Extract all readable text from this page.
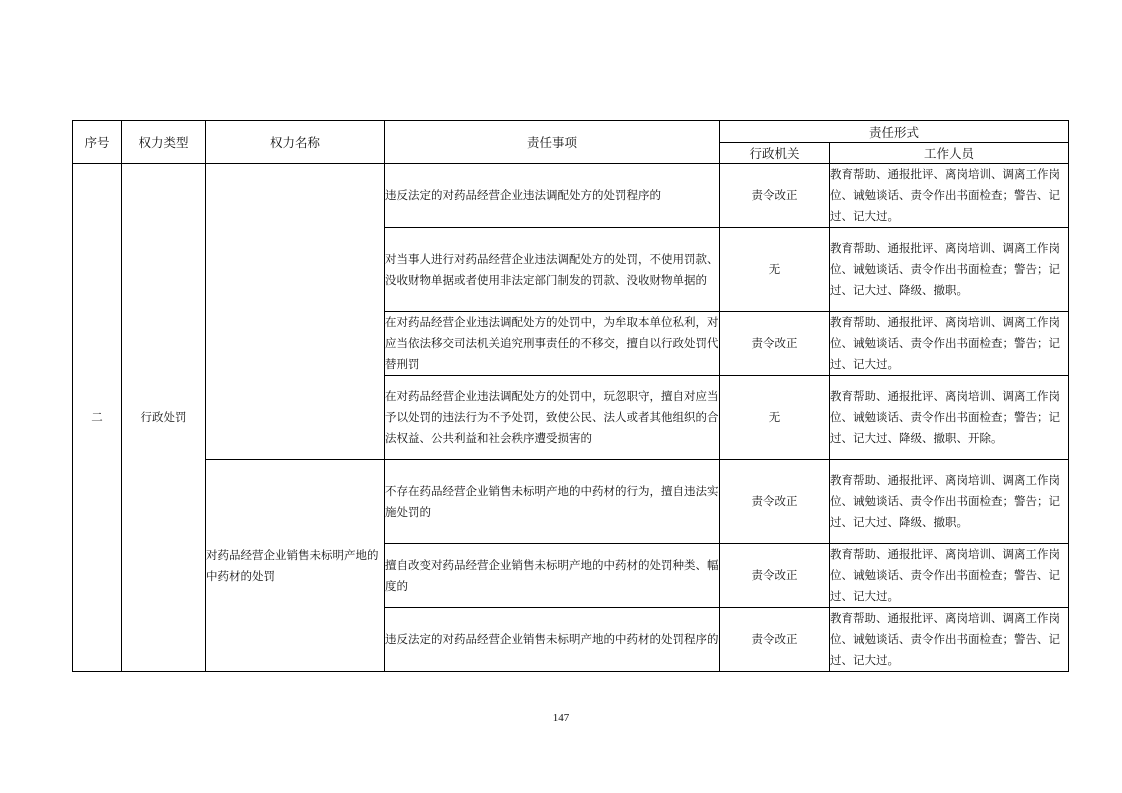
序号	权力类型	权力名称	责任事项	责任形式	
				行政机关	工作人员
二	行政处罚		违反法定的对药品经营企业违法调配处方的处罚程序的	责令改正	教育帮助、通报批评、离岗培训、调离工作岗位、诫勉谈话、责令作出书面检查；警告、记过、记大过。
			对当事人进行对药品经营企业违法调配处方的处罚，不使用罚款、没收财物单据或者使用非法定部门制发的罚款、没收财物单据的	无	教育帮助、通报批评、离岗培训、调离工作岗位、诫勉谈话、责令作出书面检查；警告；记过、记大过、降级、撤职。
			在对药品经营企业违法调配处方的处罚中，为牟取本单位私利，对应当依法移交司法机关追究刑事责任的不移交，擅自以行政处罚代替刑罚	责令改正	教育帮助、通报批评、离岗培训、调离工作岗位、诫勉谈话、责令作出书面检查；警告；记过、记大过。
			在对药品经营企业违法调配处方的处罚中，玩忽职守，擅自对应当予以处罚的违法行为不予处罚，致使公民、法人或者其他组织的合法权益、公共利益和社会秩序遭受损害的	无	教育帮助、通报批评、离岗培训、调离工作岗位、诫勉谈话、责令作出书面检查；警告；记过、记大过、降级、撤职、开除。
		对药品经营企业销售未标明产地的中药材的处罚	不存在药品经营企业销售未标明产地的中药材的行为，擅自违法实施处罚的	责令改正	教育帮助、通报批评、离岗培训、调离工作岗位、诫勉谈话、责令作出书面检查；警告；记过、记大过、降级、撤职。
			擅自改变对药品经营企业销售未标明产地的中药材的处罚种类、幅度的	责令改正	教育帮助、通报批评、离岗培训、调离工作岗位、诫勉谈话、责令作出书面检查；警告、记过、记大过。
			违反法定的对药品经营企业销售未标明产地的中药材的处罚程序的	责令改正	教育帮助、通报批评、离岗培训、调离工作岗位、诫勉谈话、责令作出书面检查；警告、记过、记大过。
147
